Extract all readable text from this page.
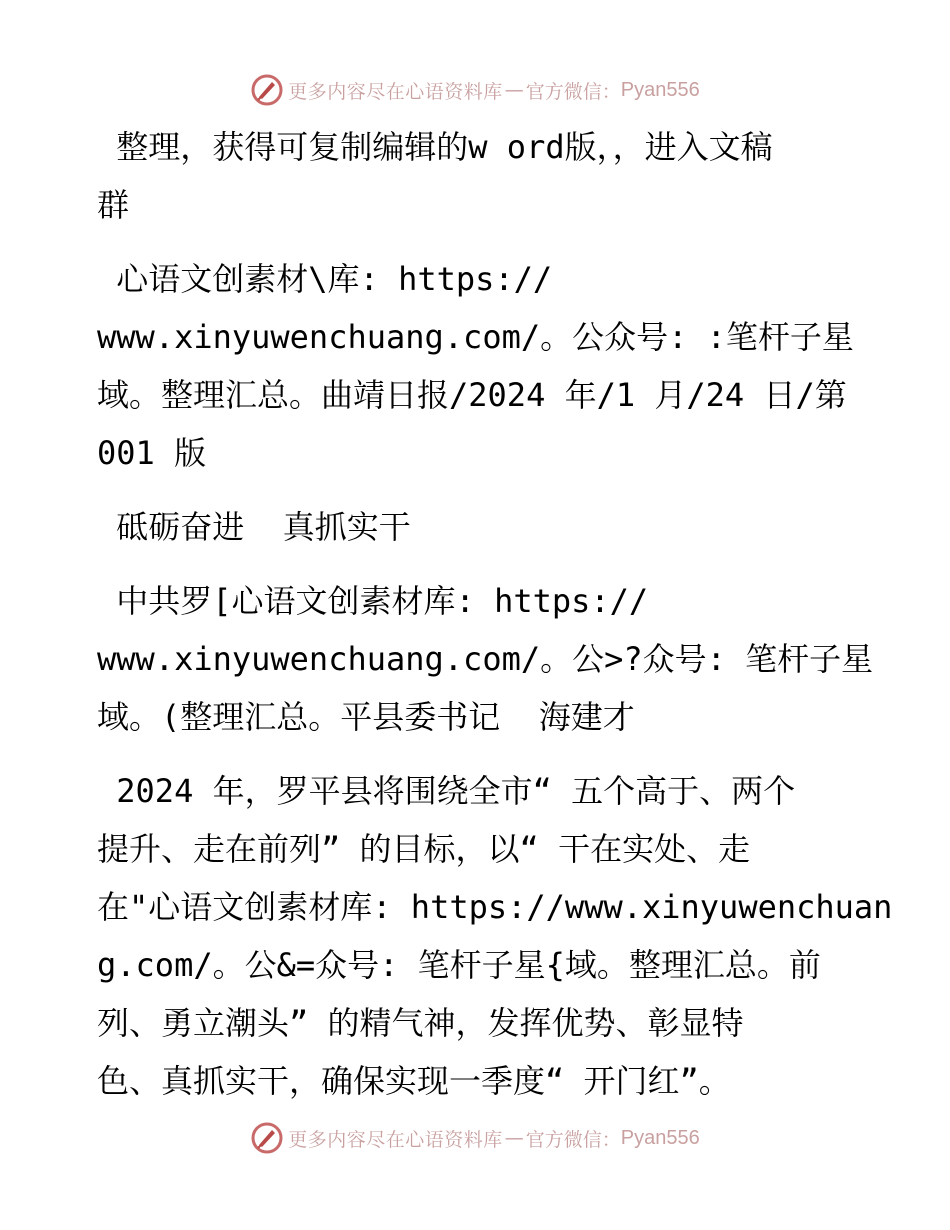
更多内容尽在心语资料库 — 官方微信： Pyan556

整理，获得可复制编辑的w ord版，，进入文稿
群

心语文创素材\库: https://
www.xinyuwenchuang.com/。公众号: :笔杆子星
域。整理汇总。曲靖日报/2024 年/1 月/24 日/第
001 版

砥砺奋进  真抓实干

中共罗[心语文创素材库: https://
www.xinyuwenchuang.com/。公>?众号: 笔杆子星
域。(整理汇总。平县委书记  海建才

2024 年，罗平县将围绕全市“ 五个高于、两个
提升、走在前列” 的目标，以“ 干在实处、走
在"心语文创素材库: https://www.xinyuwenchuan
g.com/。公&=众号: 笔杆子星{域。整理汇总。前
列、勇立潮头” 的精气神，发挥优势、彰显特
色、真抓实干，确保实现一季度“ 开门红”。

更多内容尽在心语资料库 — 官方微信： Pyan556
